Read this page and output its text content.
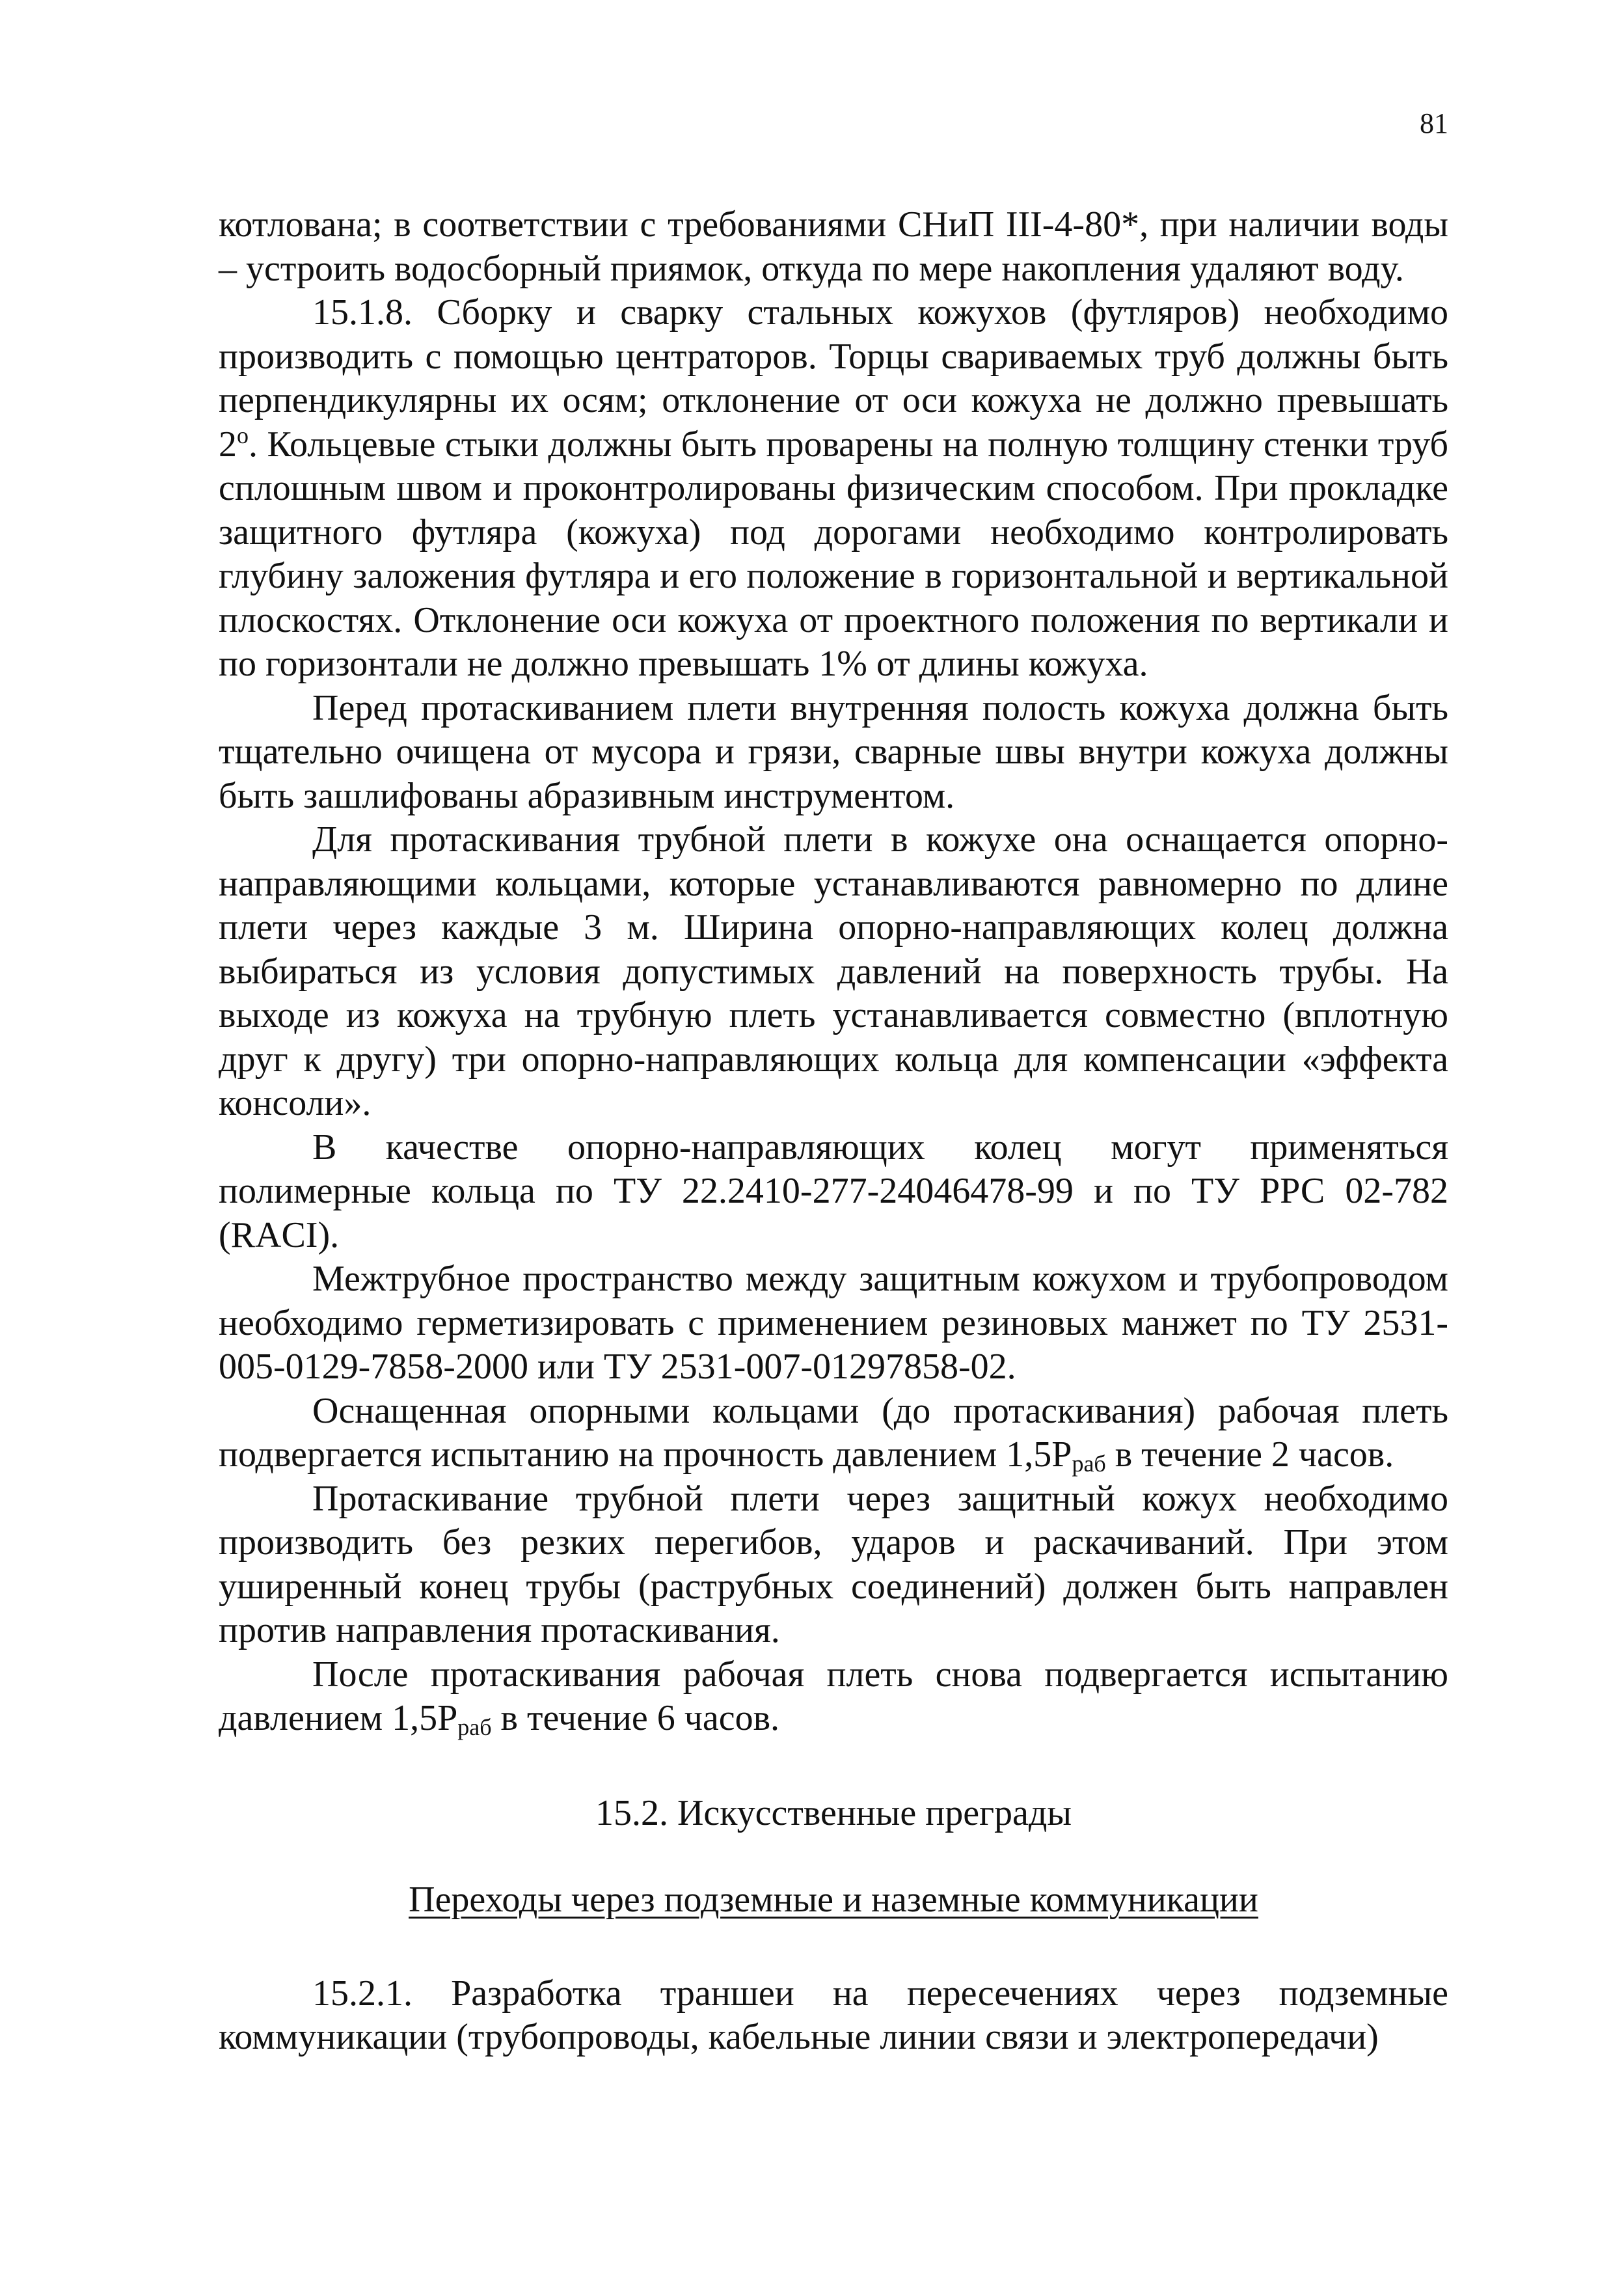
81

котлована; в соответствии с требованиями СНиП III-4-80*, при наличии воды – устроить водосборный приямок, откуда по мере накопления удаляют воду.

15.1.8. Сборку и сварку стальных кожухов (футляров) необходимо производить с помощью центраторов. Торцы свариваемых труб должны быть перпендикулярны их осям; отклонение от оси кожуха не должно превышать $2^о$. Кольцевые стыки должны быть проварены на полную толщину стенки труб сплошным швом и проконтролированы физическим способом. При прокладке защитного футляра (кожуха) под дорогами необходимо контролировать глубину заложения футляра и его положение в горизонтальной и вертикальной плоскостях. Отклонение оси кожуха от проектного положения по вертикали и по горизонтали не должно превышать 1% от длины кожуха.

Перед протаскиванием плети внутренняя полость кожуха должна быть тщательно очищена от мусора и грязи, сварные швы внутри кожуха должны быть зашлифованы абразивным инструментом.

Для протаскивания трубной плети в кожухе она оснащается опорно-направляющими кольцами, которые устанавливаются равномерно по длине плети через каждые 3 м. Ширина опорно-направляющих колец должна выбираться из условия допустимых давлений на поверхность трубы. На выходе из кожуха на трубную плеть устанавливается совместно (вплотную друг к другу) три опорно-направляющих кольца для компенсации «эффекта консоли».

В качестве опорно-направляющих колец могут применяться полимерные кольца по ТУ 22.2410-277-24046478-99 и по ТУ РРС 02-782 (RACI).

Межтрубное пространство между защитным кожухом и трубопроводом необходимо герметизировать с применением резиновых манжет по ТУ 2531-005-0129-7858-2000 или ТУ 2531-007-01297858-02.

Оснащенная опорными кольцами (до протаскивания) рабочая плеть подвергается испытанию на прочность давлением $1,5P_{раб}$ в течение 2 часов.

Протаскивание трубной плети через защитный кожух необходимо производить без резких перегибов, ударов и раскачиваний. При этом уширенный конец трубы (раструбных соединений) должен быть направлен против направления протаскивания.

После протаскивания рабочая плеть снова подвергается испытанию давлением $1,5P_{раб}$ в течение 6 часов.

15.2. Искусственные преграды
Переходы через подземные и наземные коммуникации

15.2.1. Разработка траншеи на пересечениях через подземные коммуникации (трубопроводы, кабельные линии связи и электропередачи)
